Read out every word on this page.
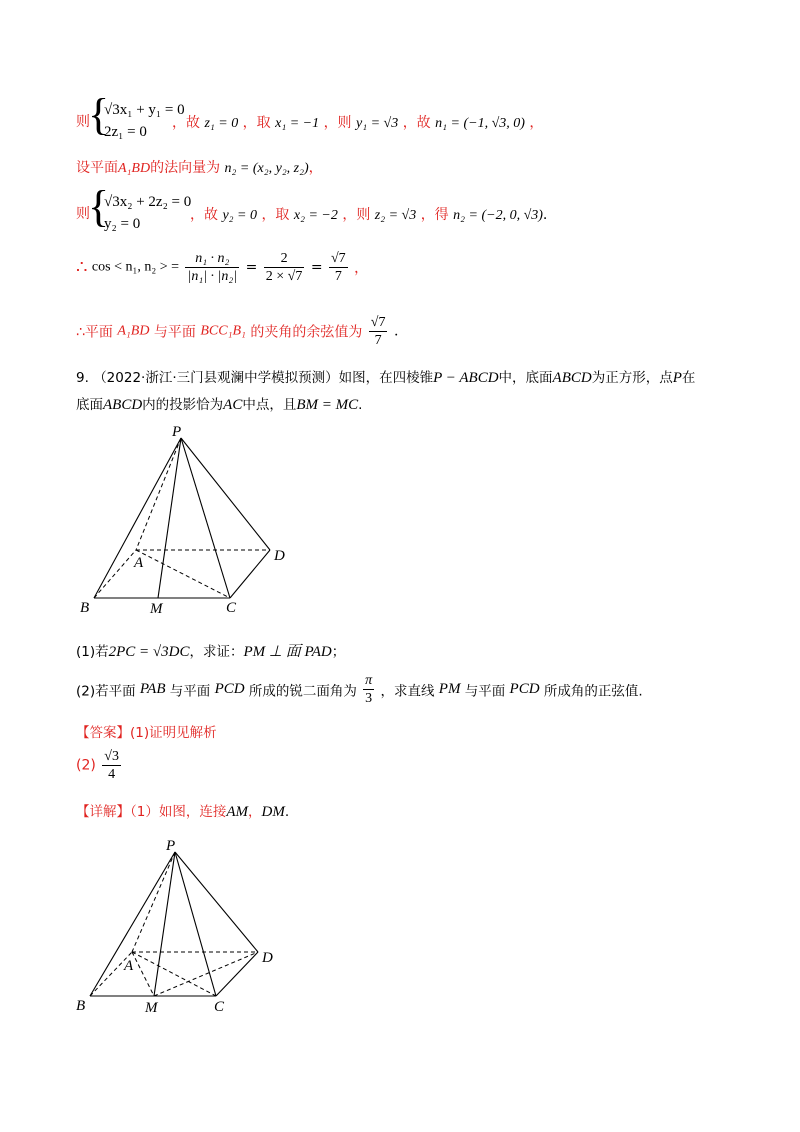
则
{
√3x₁ + y₁ = 0
2z₁ = 0
，故 z₁ = 0 ，取 x₁ = −1 ，则 y₁ = √3 ，故 n₁ = (−1, √3, 0) ，
设平面A₁BD的法向量为 n₂ = (x₂, y₂, z₂)，
则
{
√3x₂ + 2z₂ = 0
y₂ = 0
，故 y₂ = 0 ，取 x₂ = −2 ，则 z₂ = √3 ，得 n₂ = (−2, 0, √3).
∴ cos < n₁, n₂ > = $\frac{\text{n₁ · n₂}}{\text{|n₁| · |n₂|}} = \frac{2}{2 \times √7} = \frac{√7}{7}$ ，
∴平面 A₁BD 与平面 BCC₁B₁ 的夹角的余弦值为 $\frac{√7}{7}$ .
9. （2022·浙江·三门县观澜中学模拟预测）如图，在四棱锥P − ABCD中，底面ABCD为正方形，点P在
底面ABCD内的投影恰为AC中点，且BM = MC.
P
A
B	M	C
D
(1)若2PC = √3DC，求证：PM ⊥ 面 PAD；
(2)若平面 PAB 与平面 PCD 所成的锐二面角为 $\frac{\pi}{3}$ ，求直线 PM 与平面 PCD 所成角的正弦值.
【答案】(1)证明见解析
$(2) \frac{√3}{4}$
【详解】（1）如图，连接AM，DM.
P
A
B	M	C
D
